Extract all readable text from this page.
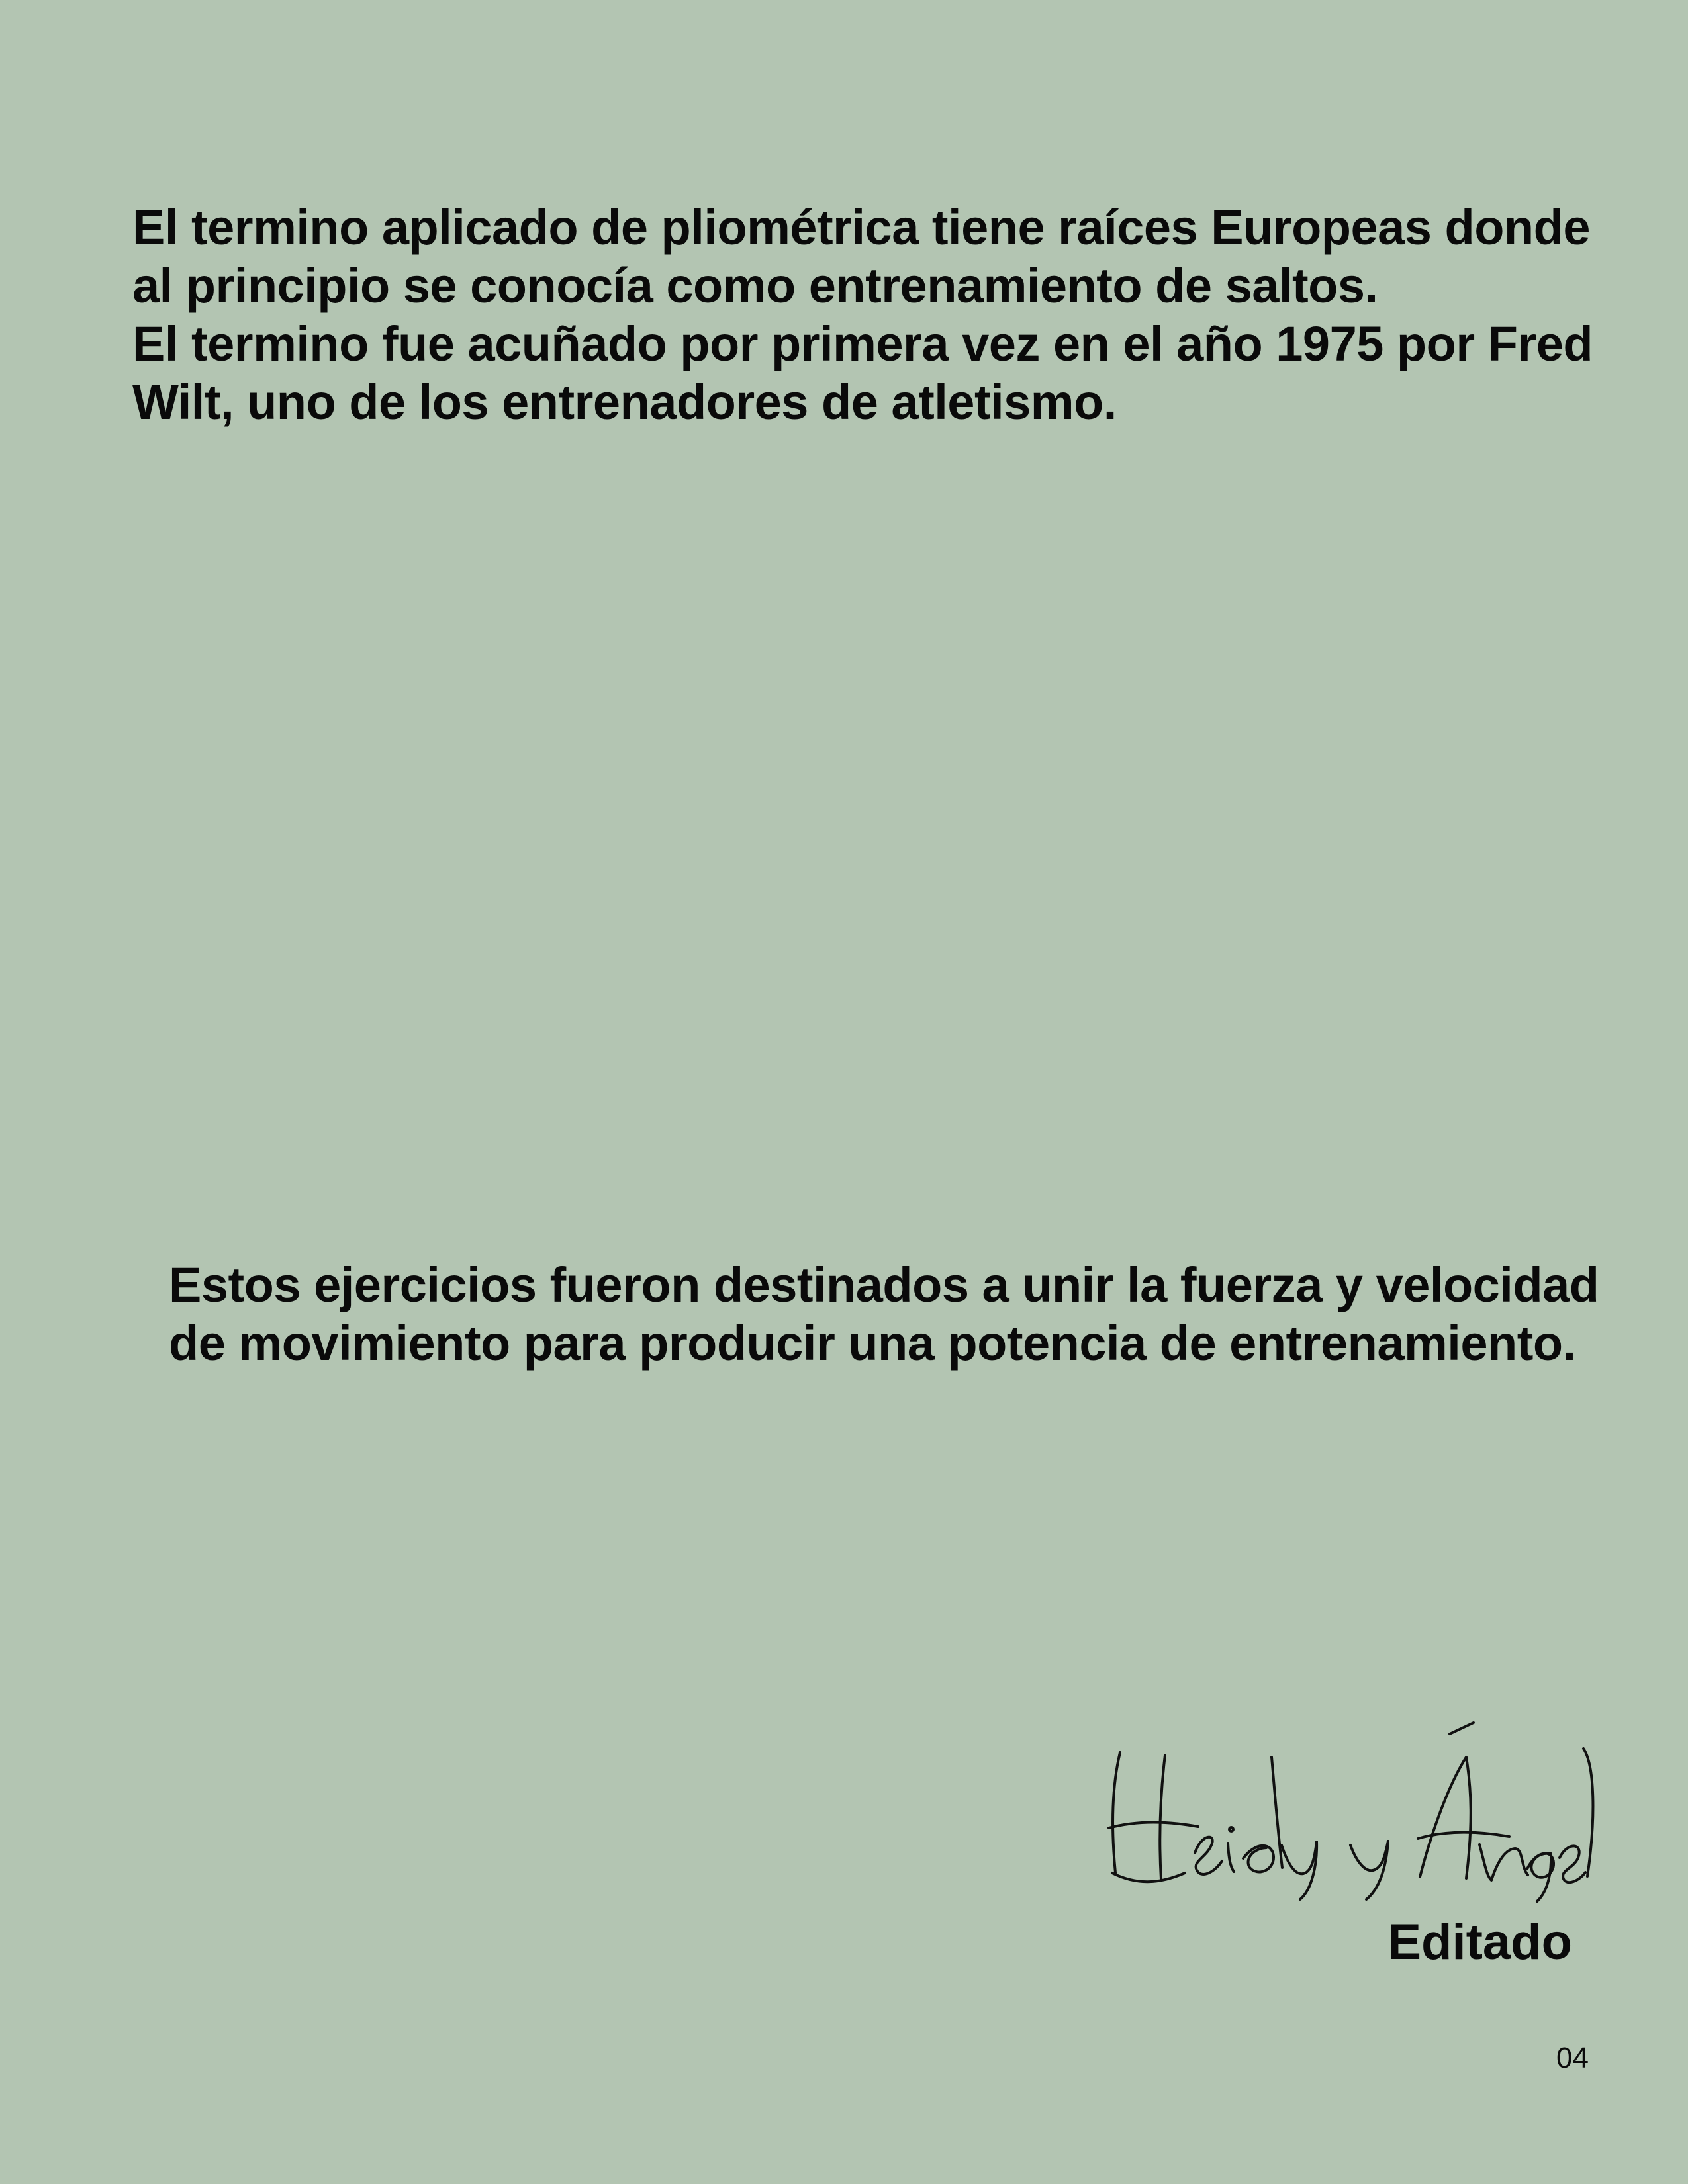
El termino aplicado de pliométrica tiene raíces Europeas donde al principio se conocía como entrenamiento de saltos.

El termino fue acuñado por primera vez en el año 1975 por Fred Wilt, uno de los entrenadores de atletismo.

Estos ejercicios fueron destinados a unir la fuerza y velocidad de movimiento para producir una potencia de entrenamiento.

Editado
04
